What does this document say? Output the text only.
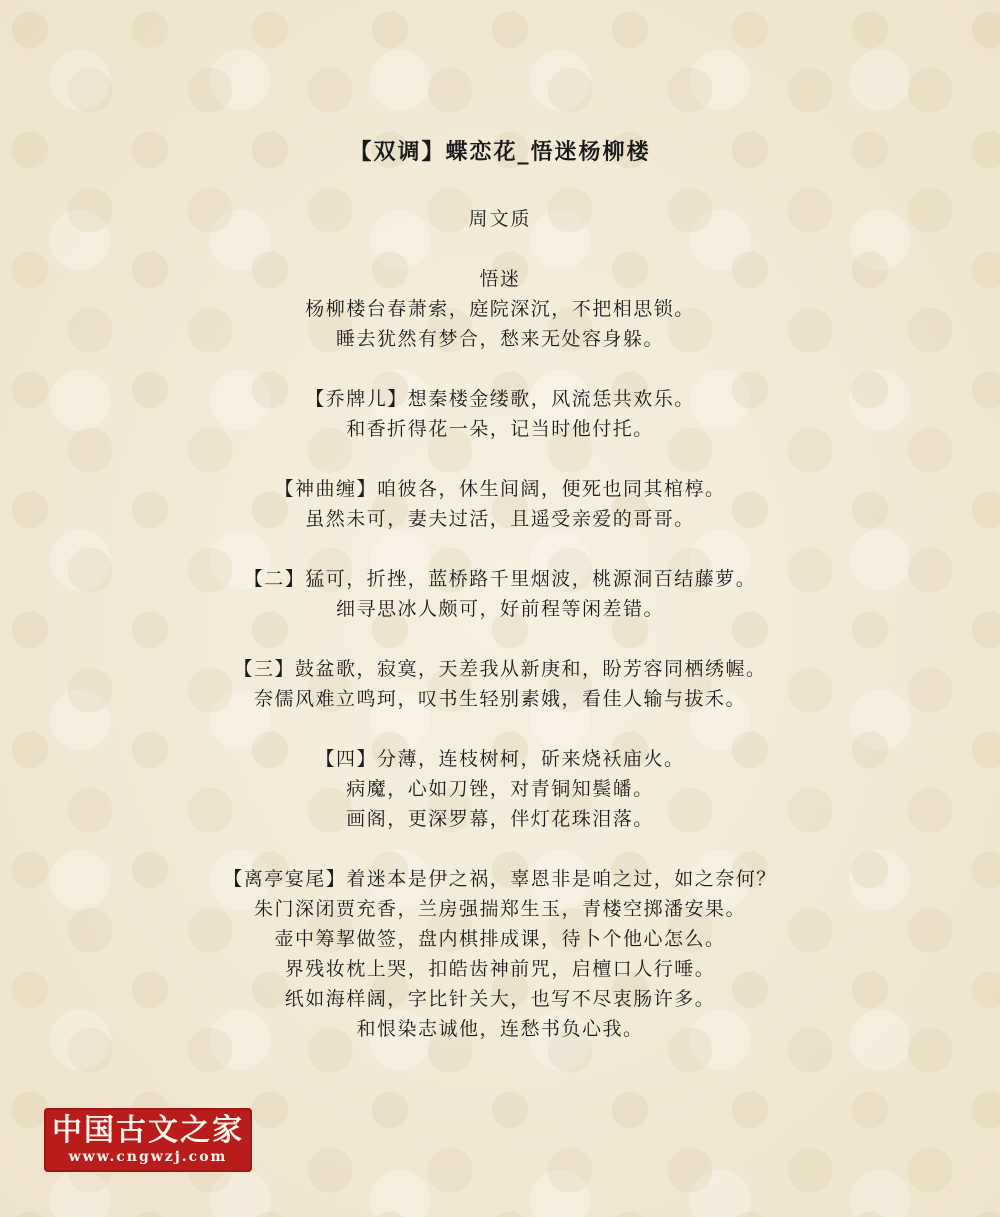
【双调】蝶恋花_悟迷杨柳楼
周文质
悟迷
杨柳楼台春萧索，庭院深沉，不把相思锁。
睡去犹然有梦合，愁来无处容身躲。
【乔牌儿】想秦楼金缕歌，风流恁共欢乐。
和香折得花一朵，记当时他付托。
【神曲缠】咱彼各，休生间阔，便死也同其棺椁。
虽然未可，妻夫过活，且遥受亲爱的哥哥。
【二】猛可，折挫，蓝桥路千里烟波，桃源洞百结藤萝。
细寻思冰人颇可，好前程等闲差错。
【三】鼓盆歌，寂寞，天差我从新庚和，盼芳容同栖绣幄。
奈儒风难立鸣珂，叹书生轻别素娥，看佳人输与拔禾。
【四】分薄，连枝树柯，斫来烧袄庙火。
病魔，心如刀锉，对青铜知鬓皤。
画阁，更深罗幕，伴灯花珠泪落。
【离亭宴尾】着迷本是伊之祸，辜恩非是咱之过，如之奈何？
朱门深闭贾充香，兰房强揣郑生玉，青楼空掷潘安果。
壶中筹挈做签，盘内棋排成课，待卜个他心怎么。
界残妆枕上哭，扣皓齿神前咒，启檀口人行唾。
纸如海样阔，字比针关大，也写不尽衷肠许多。
和恨染志诚他，连愁书负心我。
中国古文之家
www.cngwzj.com
